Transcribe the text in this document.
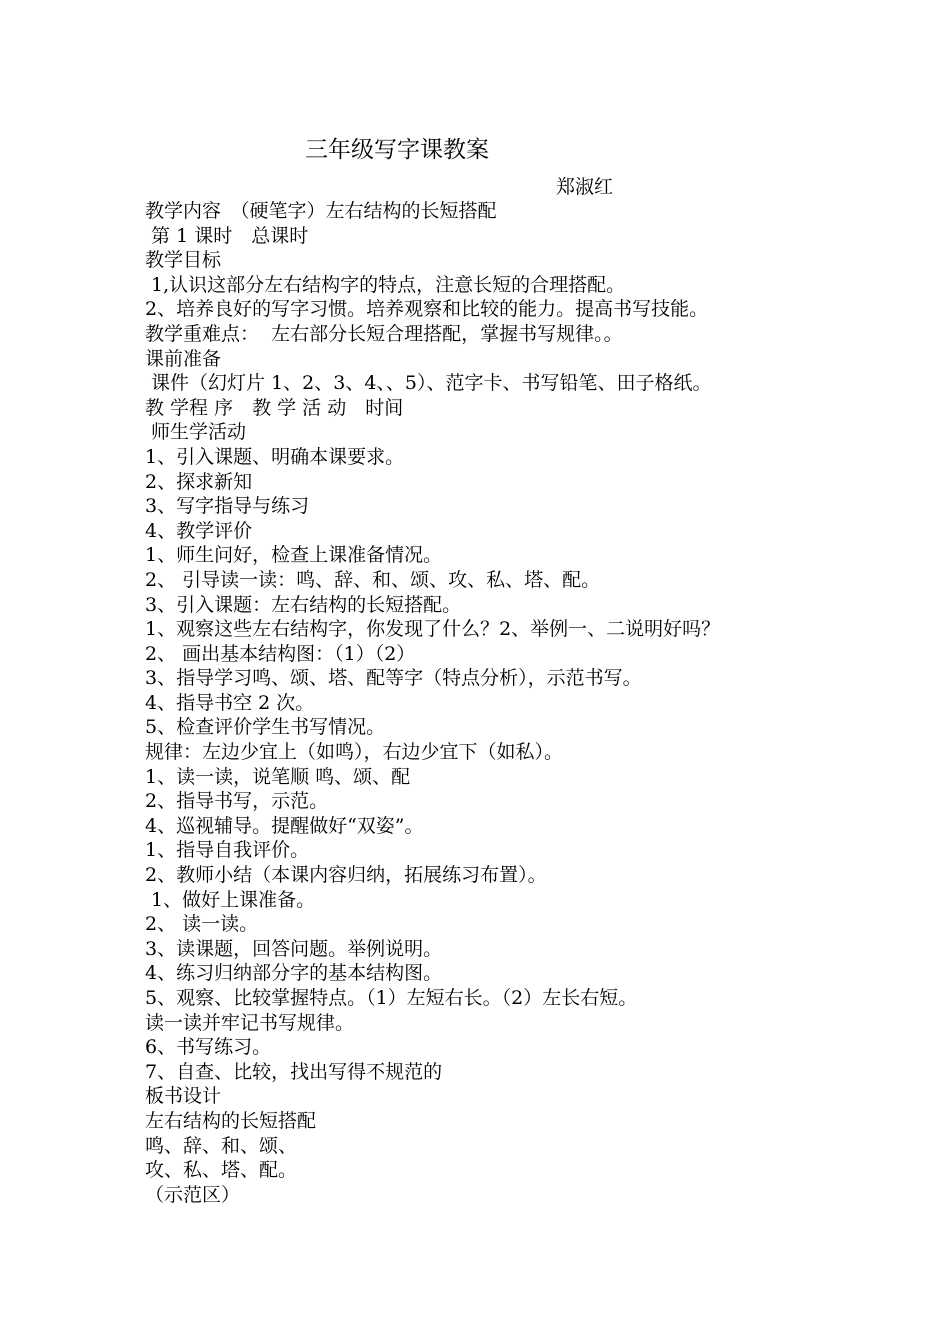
三年级写字课教案
郑淑红
教学内容　（硬笔字）左右结构的长短搭配
第 1 课时　总课时
教学目标
1,认识这部分左右结构字的特点，注意长短的合理搭配。
2、培养良好的写字习惯。培养观察和比较的能力。提高书写技能。
教学重难点：  左右部分长短合理搭配，掌握书写规律。。
课前准备
课件（幻灯片 1、2、3、4、、5）、范字卡、书写铅笔、田子格纸。
教 学程 序　教 学 活 动　时间
师生学活动
1、引入课题、明确本课要求。
2、探求新知
3、写字指导与练习
4、教学评价
1、师生问好，检查上课准备情况。
2、 引导读一读：鸣、辞、和、颂、攻、私、塔、配。
3、引入课题：左右结构的长短搭配。
1、观察这些左右结构字，你发现了什么？2、举例一、二说明好吗？
2、 画出基本结构图：（1）（2）
3、指导学习鸣、颂、塔、配等字（特点分析），示范书写。
4、指导书空 2 次。
5、检查评价学生书写情况。
规律：左边少宜上（如鸣），右边少宜下（如私）。
1、读一读，说笔顺 鸣、颂、配
2、指导书写，示范。
4、巡视辅导。提醒做好“双姿”。
1、指导自我评价。
2、教师小结（本课内容归纳，拓展练习布置）。
1、做好上课准备。
2、 读一读。
3、读课题，回答问题。举例说明。
4、练习归纳部分字的基本结构图。
5、观察、比较掌握特点。（1）左短右长。（2）左长右短。
读一读并牢记书写规律。
6、书写练习。
7、自查、比较，找出写得不规范的
板书设计
左右结构的长短搭配
鸣、辞、和、颂、
攻、私、塔、配。
（示范区）
